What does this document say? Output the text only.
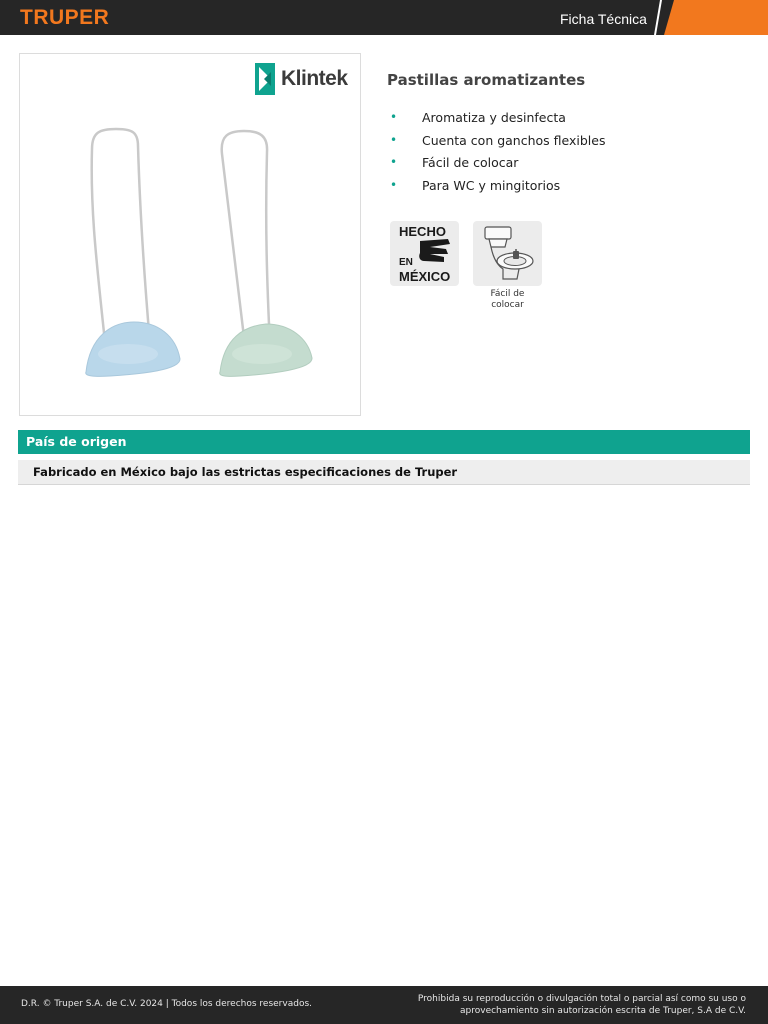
TRUPER	Ficha Técnica
Klintek	Pastillas aromatizantes
• Aromatiza y desinfecta
• Cuenta con ganchos flexibles
• Fácil de colocar
• Para WC y mingitorios
HECHO
EN
MÉXICO
Fácil de
colocar
País de origen
Fabricado en México bajo las estrictas especificaciones de Truper
D.R. © Truper S.A. de C.V. 2024 | Todos los derechos reservados.	Prohibida su reproducción o divulgación total o parcial así como su uso o
aprovechamiento sin autorización escrita de Truper, S.A de C.V.
